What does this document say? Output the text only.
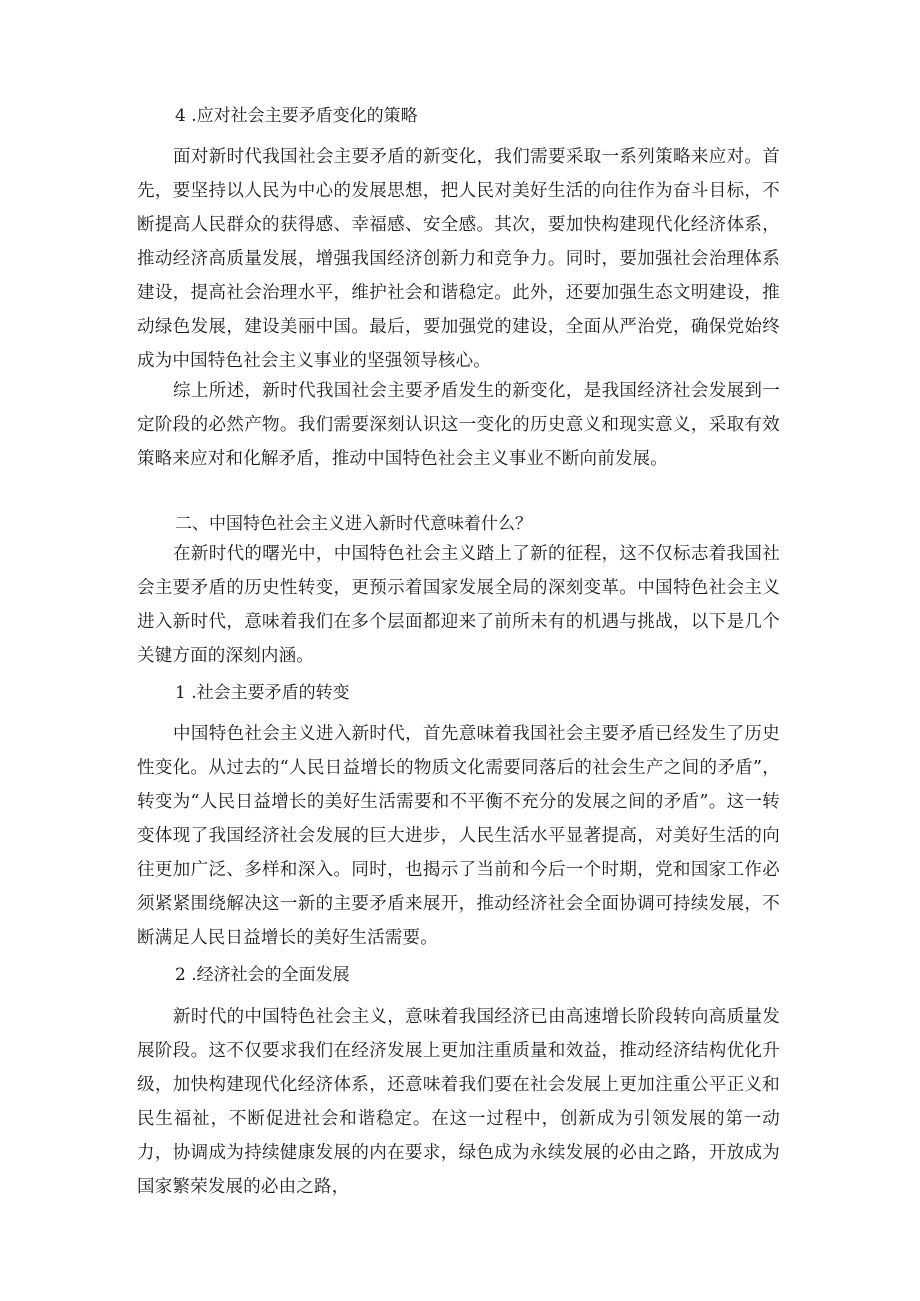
4 .应对社会主要矛盾变化的策略
面对新时代我国社会主要矛盾的新变化，我们需要采取一系列策略来应对。首先，要坚持以人民为中心的发展思想，把人民对美好生活的向往作为奋斗目标，不断提高人民群众的获得感、幸福感、安全感。其次，要加快构建现代化经济体系，推动经济高质量发展，增强我国经济创新力和竞争力。同时，要加强社会治理体系建设，提高社会治理水平，维护社会和谐稳定。此外，还要加强生态文明建设，推动绿色发展，建设美丽中国。最后，要加强党的建设，全面从严治党，确保党始终成为中国特色社会主义事业的坚强领导核心。
综上所述，新时代我国社会主要矛盾发生的新变化，是我国经济社会发展到一定阶段的必然产物。我们需要深刻认识这一变化的历史意义和现实意义，采取有效策略来应对和化解矛盾，推动中国特色社会主义事业不断向前发展。
二、中国特色社会主义进入新时代意味着什么？
在新时代的曙光中，中国特色社会主义踏上了新的征程，这不仅标志着我国社会主要矛盾的历史性转变，更预示着国家发展全局的深刻变革。中国特色社会主义进入新时代，意味着我们在多个层面都迎来了前所未有的机遇与挑战，以下是几个关键方面的深刻内涵。
1 .社会主要矛盾的转变
中国特色社会主义进入新时代，首先意味着我国社会主要矛盾已经发生了历史性变化。从过去的“人民日益增长的物质文化需要同落后的社会生产之间的矛盾”，转变为“人民日益增长的美好生活需要和不平衡不充分的发展之间的矛盾”。这一转变体现了我国经济社会发展的巨大进步，人民生活水平显著提高，对美好生活的向往更加广泛、多样和深入。同时，也揭示了当前和今后一个时期，党和国家工作必须紧紧围绕解决这一新的主要矛盾来展开，推动经济社会全面协调可持续发展，不断满足人民日益增长的美好生活需要。
2 .经济社会的全面发展
新时代的中国特色社会主义，意味着我国经济已由高速增长阶段转向高质量发展阶段。这不仅要求我们在经济发展上更加注重质量和效益，推动经济结构优化升级，加快构建现代化经济体系，还意味着我们要在社会发展上更加注重公平正义和民生福祉，不断促进社会和谐稳定。在这一过程中，创新成为引领发展的第一动力，协调成为持续健康发展的内在要求，绿色成为永续发展的必由之路，开放成为国家繁荣发展的必由之路，
